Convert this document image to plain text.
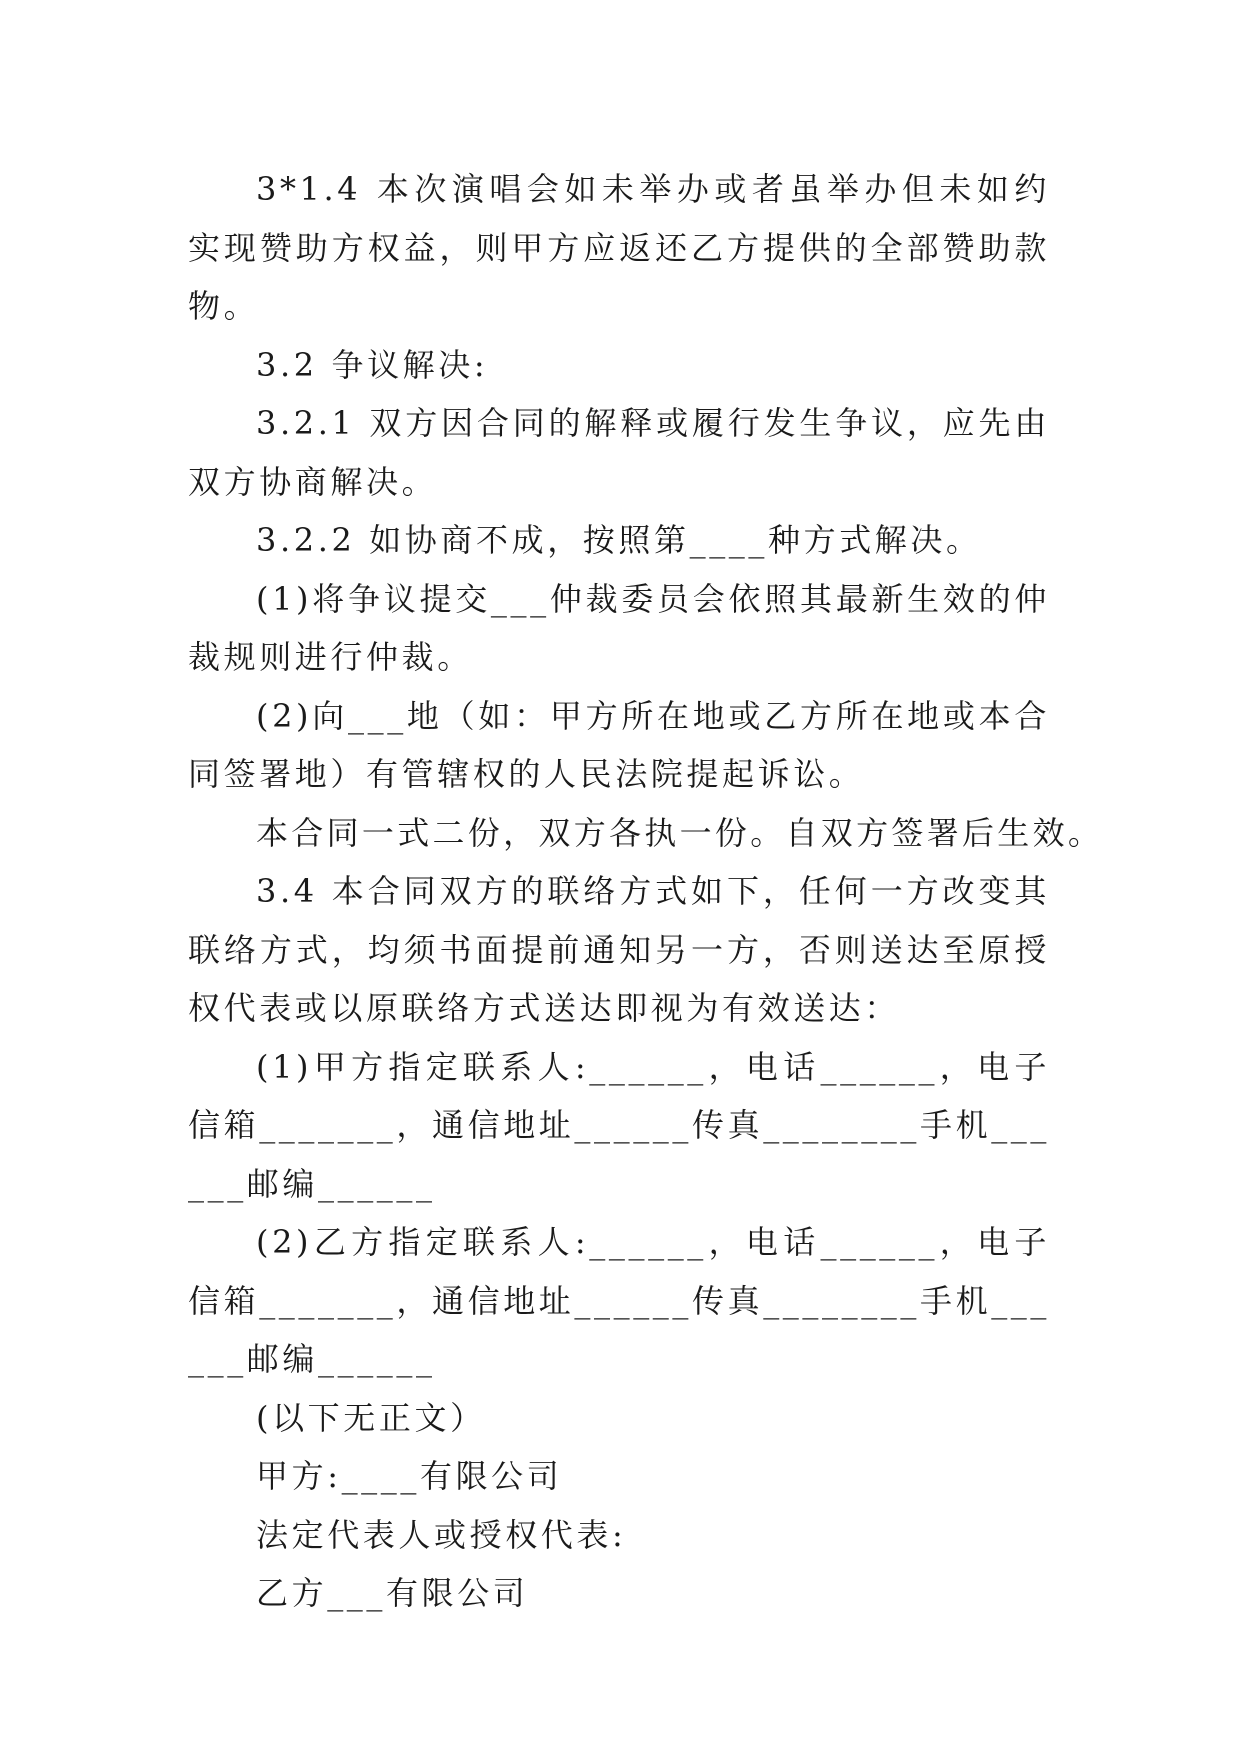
3*1.4 本次演唱会如未举办或者虽举办但未如约实现赞助方权益，则甲方应返还乙方提供的全部赞助款物。

3.2 争议解决:

3.2.1 双方因合同的解释或履行发生争议，应先由双方协商解决。

3.2.2 如协商不成，按照第____种方式解决。

(1)将争议提交___仲裁委员会依照其最新生效的仲裁规则进行仲裁。

(2)向___地（如：甲方所在地或乙方所在地或本合同签署地）有管辖权的人民法院提起诉讼。

本合同一式二份，双方各执一份。自双方签署后生效。

3.4 本合同双方的联络方式如下，任何一方改变其联络方式，均须书面提前通知另一方，否则送达至原授权代表或以原联络方式送达即视为有效送达：

(1)甲方指定联系人:______，电话______，电子信箱_______，通信地址______传真________手机______邮编______

(2)乙方指定联系人:______，电话______，电子信箱_______，通信地址______传真________手机______邮编______

(以下无正文）

甲方:____有限公司

法定代表人或授权代表:

乙方___有限公司
